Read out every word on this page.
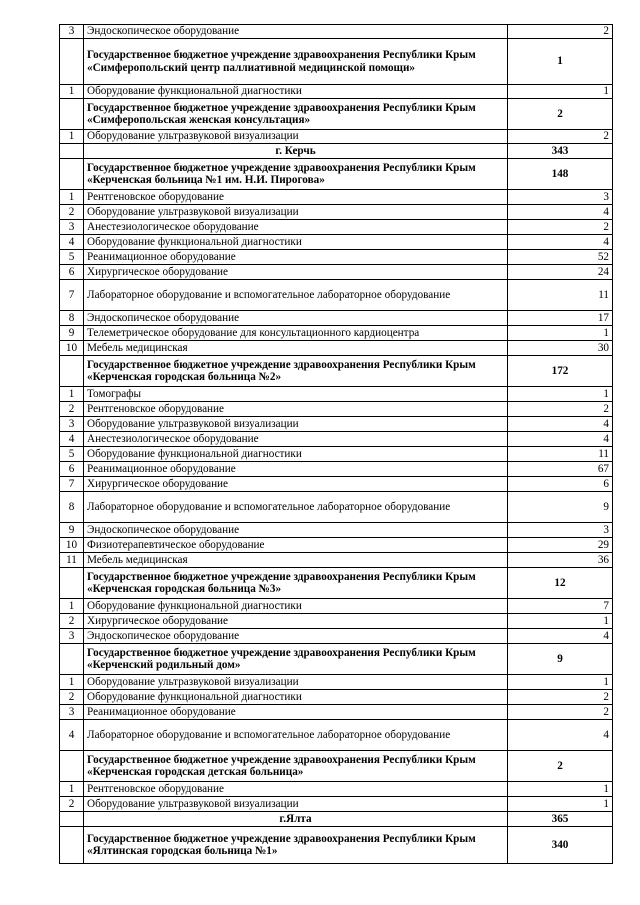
3	Эндоскопическое оборудование	2
	Государственное бюджетное учреждение здравоохранения Республики Крым «Симферопольский центр паллиативной медицинской помощи»	1
1	Оборудование функциональной диагностики	1
	Государственное бюджетное учреждение здравоохранения Республики Крым «Симферопольская женская консультация»	2
1	Оборудование ультразвуковой визуализации	2
	г. Керчь	343
	Государственное бюджетное учреждение здравоохранения Республики Крым «Керченская больница №1 им. Н.И. Пирогова»	148
1	Рентгеновское оборудование	3
2	Оборудование ультразвуковой визуализации	4
3	Анестезиологическое оборудование	2
4	Оборудование функциональной диагностики	4
5	Реанимационное оборудование	52
6	Хирургическое оборудование	24
7	Лабораторное оборудование и вспомогательное лабораторное оборудование	11
8	Эндоскопическое оборудование	17
9	Телеметрическое оборудование для консультационного кардиоцентра	1
10	Мебель медицинская	30
	Государственное бюджетное учреждение здравоохранения Республики Крым «Керченская городская больница №2»	172
1	Томографы	1
2	Рентгеновское оборудование	2
3	Оборудование ультразвуковой визуализации	4
4	Анестезиологическое оборудование	4
5	Оборудование функциональной диагностики	11
6	Реанимационное оборудование	67
7	Хирургическое оборудование	6
8	Лабораторное оборудование и вспомогательное лабораторное оборудование	9
9	Эндоскопическое оборудование	3
10	Физиотерапевтическое оборудование	29
11	Мебель медицинская	36
	Государственное бюджетное учреждение здравоохранения Республики Крым «Керченская городская больница №3»	12
1	Оборудование функциональной диагностики	7
2	Хирургическое оборудование	1
3	Эндоскопическое оборудование	4
	Государственное бюджетное учреждение здравоохранения Республики Крым «Керченский родильный дом»	9
1	Оборудование ультразвуковой визуализации	1
2	Оборудование функциональной диагностики	2
3	Реанимационное оборудование	2
4	Лабораторное оборудование и вспомогательное лабораторное оборудование	4
	Государственное бюджетное учреждение здравоохранения Республики Крым «Керченская городская детская больница»	2
1	Рентгеновское оборудование	1
2	Оборудование ультразвуковой визуализации	1
	г.Ялта	365
	Государственное бюджетное учреждение здравоохранения Республики Крым «Ялтинская городская больница №1»	340
